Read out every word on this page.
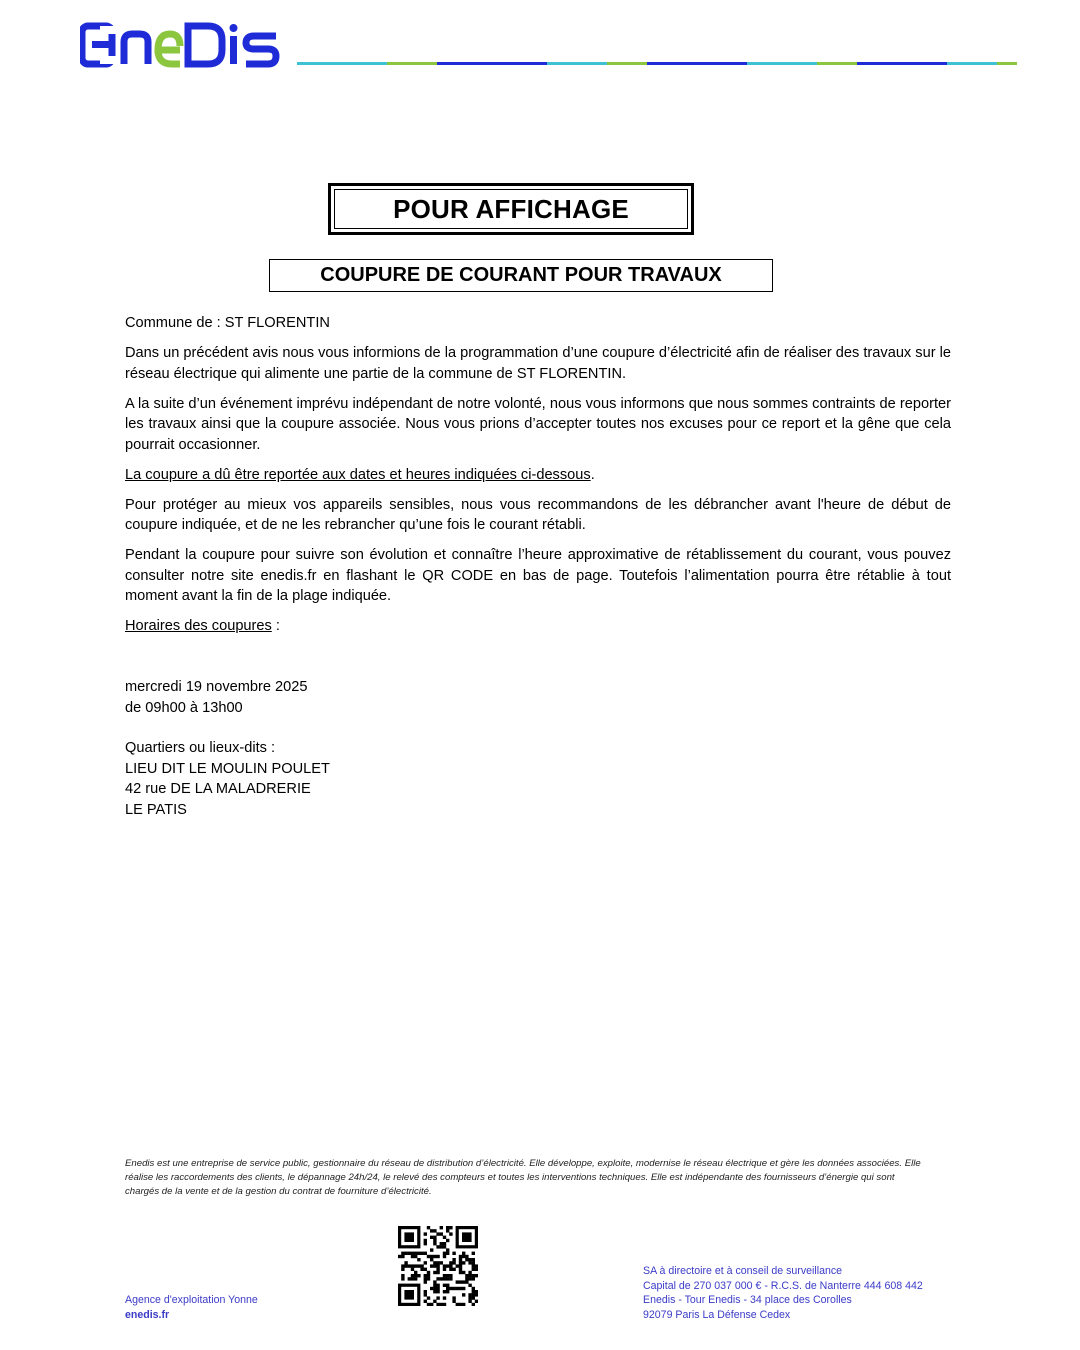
POUR AFFICHAGE
COUPURE DE COURANT POUR TRAVAUX

Commune de : ST FLORENTIN

Dans un précédent avis nous vous informions de la programmation d’une coupure d’électricité afin de réaliser des travaux sur le réseau électrique qui alimente une partie de la commune de ST FLORENTIN.

A la suite d’un événement imprévu indépendant de notre volonté, nous vous informons que nous sommes contraints de reporter les travaux ainsi que la coupure associée. Nous vous prions d’accepter toutes nos excuses pour ce report et la gêne que cela pourrait occasionner.

La coupure a dû être reportée aux dates et heures indiquées ci-dessous.

Pour protéger au mieux vos appareils sensibles, nous vous recommandons de les débrancher avant l'heure de début de coupure indiquée, et de ne les rebrancher qu’une fois le courant rétabli.

Pendant la coupure pour suivre son évolution et connaître l’heure approximative de rétablissement du courant, vous pouvez consulter notre site enedis.fr en flashant le QR CODE en bas de page. Toutefois l’alimentation pourra être rétablie à tout moment avant la fin de la plage indiquée.

Horaires des coupures :

mercredi 19 novembre 2025
de 09h00 à 13h00
Quartiers ou lieux-dits :
LIEU DIT LE MOULIN POULET
42 rue DE LA MALADRERIE
LE PATIS
Enedis est une entreprise de service public, gestionnaire du réseau de distribution d’électricité. Elle développe, exploite, modernise le réseau électrique et gère les données associées. Elle réalise les raccordements des clients, le dépannage 24h/24, le relevé des compteurs et toutes les interventions techniques. Elle est indépendante des fournisseurs d’énergie qui sont chargés de la vente et de la gestion du contrat de fourniture d’électricité.
Agence d'exploitation Yonne
enedis.fr
SA à directoire et à conseil de surveillance
Capital de 270 037 000 € - R.C.S. de Nanterre 444 608 442
Enedis - Tour Enedis - 34 place des Corolles
92079 Paris La Défense Cedex
